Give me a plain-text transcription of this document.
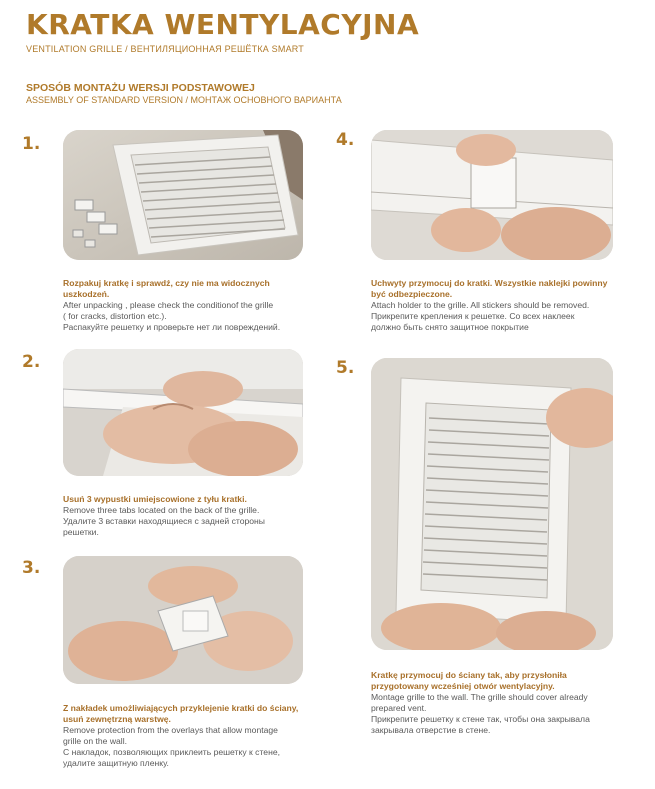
KRATKA WENTYLACYJNA
VENTILATION GRILLE / ВЕНТИЛЯЦИОННАЯ РЕШЁТКА SMART
SPOSÓB MONTAŻU WERSJI PODSTAWOWEJ
ASSEMBLY OF STANDARD VERSION / МОНТАЖ ОСНОВНОГО ВАРИАНТА
1.
Rozpakuj kratkę i sprawdź, czy nie ma widocznych
uszkodzeń.
After unpacking , please check the conditionof the grille
( for cracks, distortion etc.).
Распакуйте решетку и проверьте нет ли повреждений.
2.
Usuń 3 wypustki umiejscowione z tyłu kratki.
Remove three tabs located on the back of the grille.
Удалите 3 вставки находящиеся с задней стороны
решетки.
3.
Z nakładek umożliwiających przyklejenie kratki do ściany,
usuń zewnętrzną warstwę.
Remove protection from the overlays that allow montage
grille on the wall.
С накладок, позволяющих приклеить решетку к стене,
удалите защитную пленку.
4.
Uchwyty przymocuj do kratki. Wszystkie naklejki powinny
być odbezpieczone.
Attach holder to the grille. All stickers should be removed.
Прикрепите крепления к решетке. Со всех наклеек
должно быть снято защитное покрытие
5.
Kratkę przymocuj do ściany tak, aby przysłoniła
przygotowany wcześniej otwór wentylacyjny.
Montage grille to the wall. The grille should cover already
prepared vent.
Прикрепите решетку к стене так, чтобы она закрывала
закрывала отверстие в стене.
